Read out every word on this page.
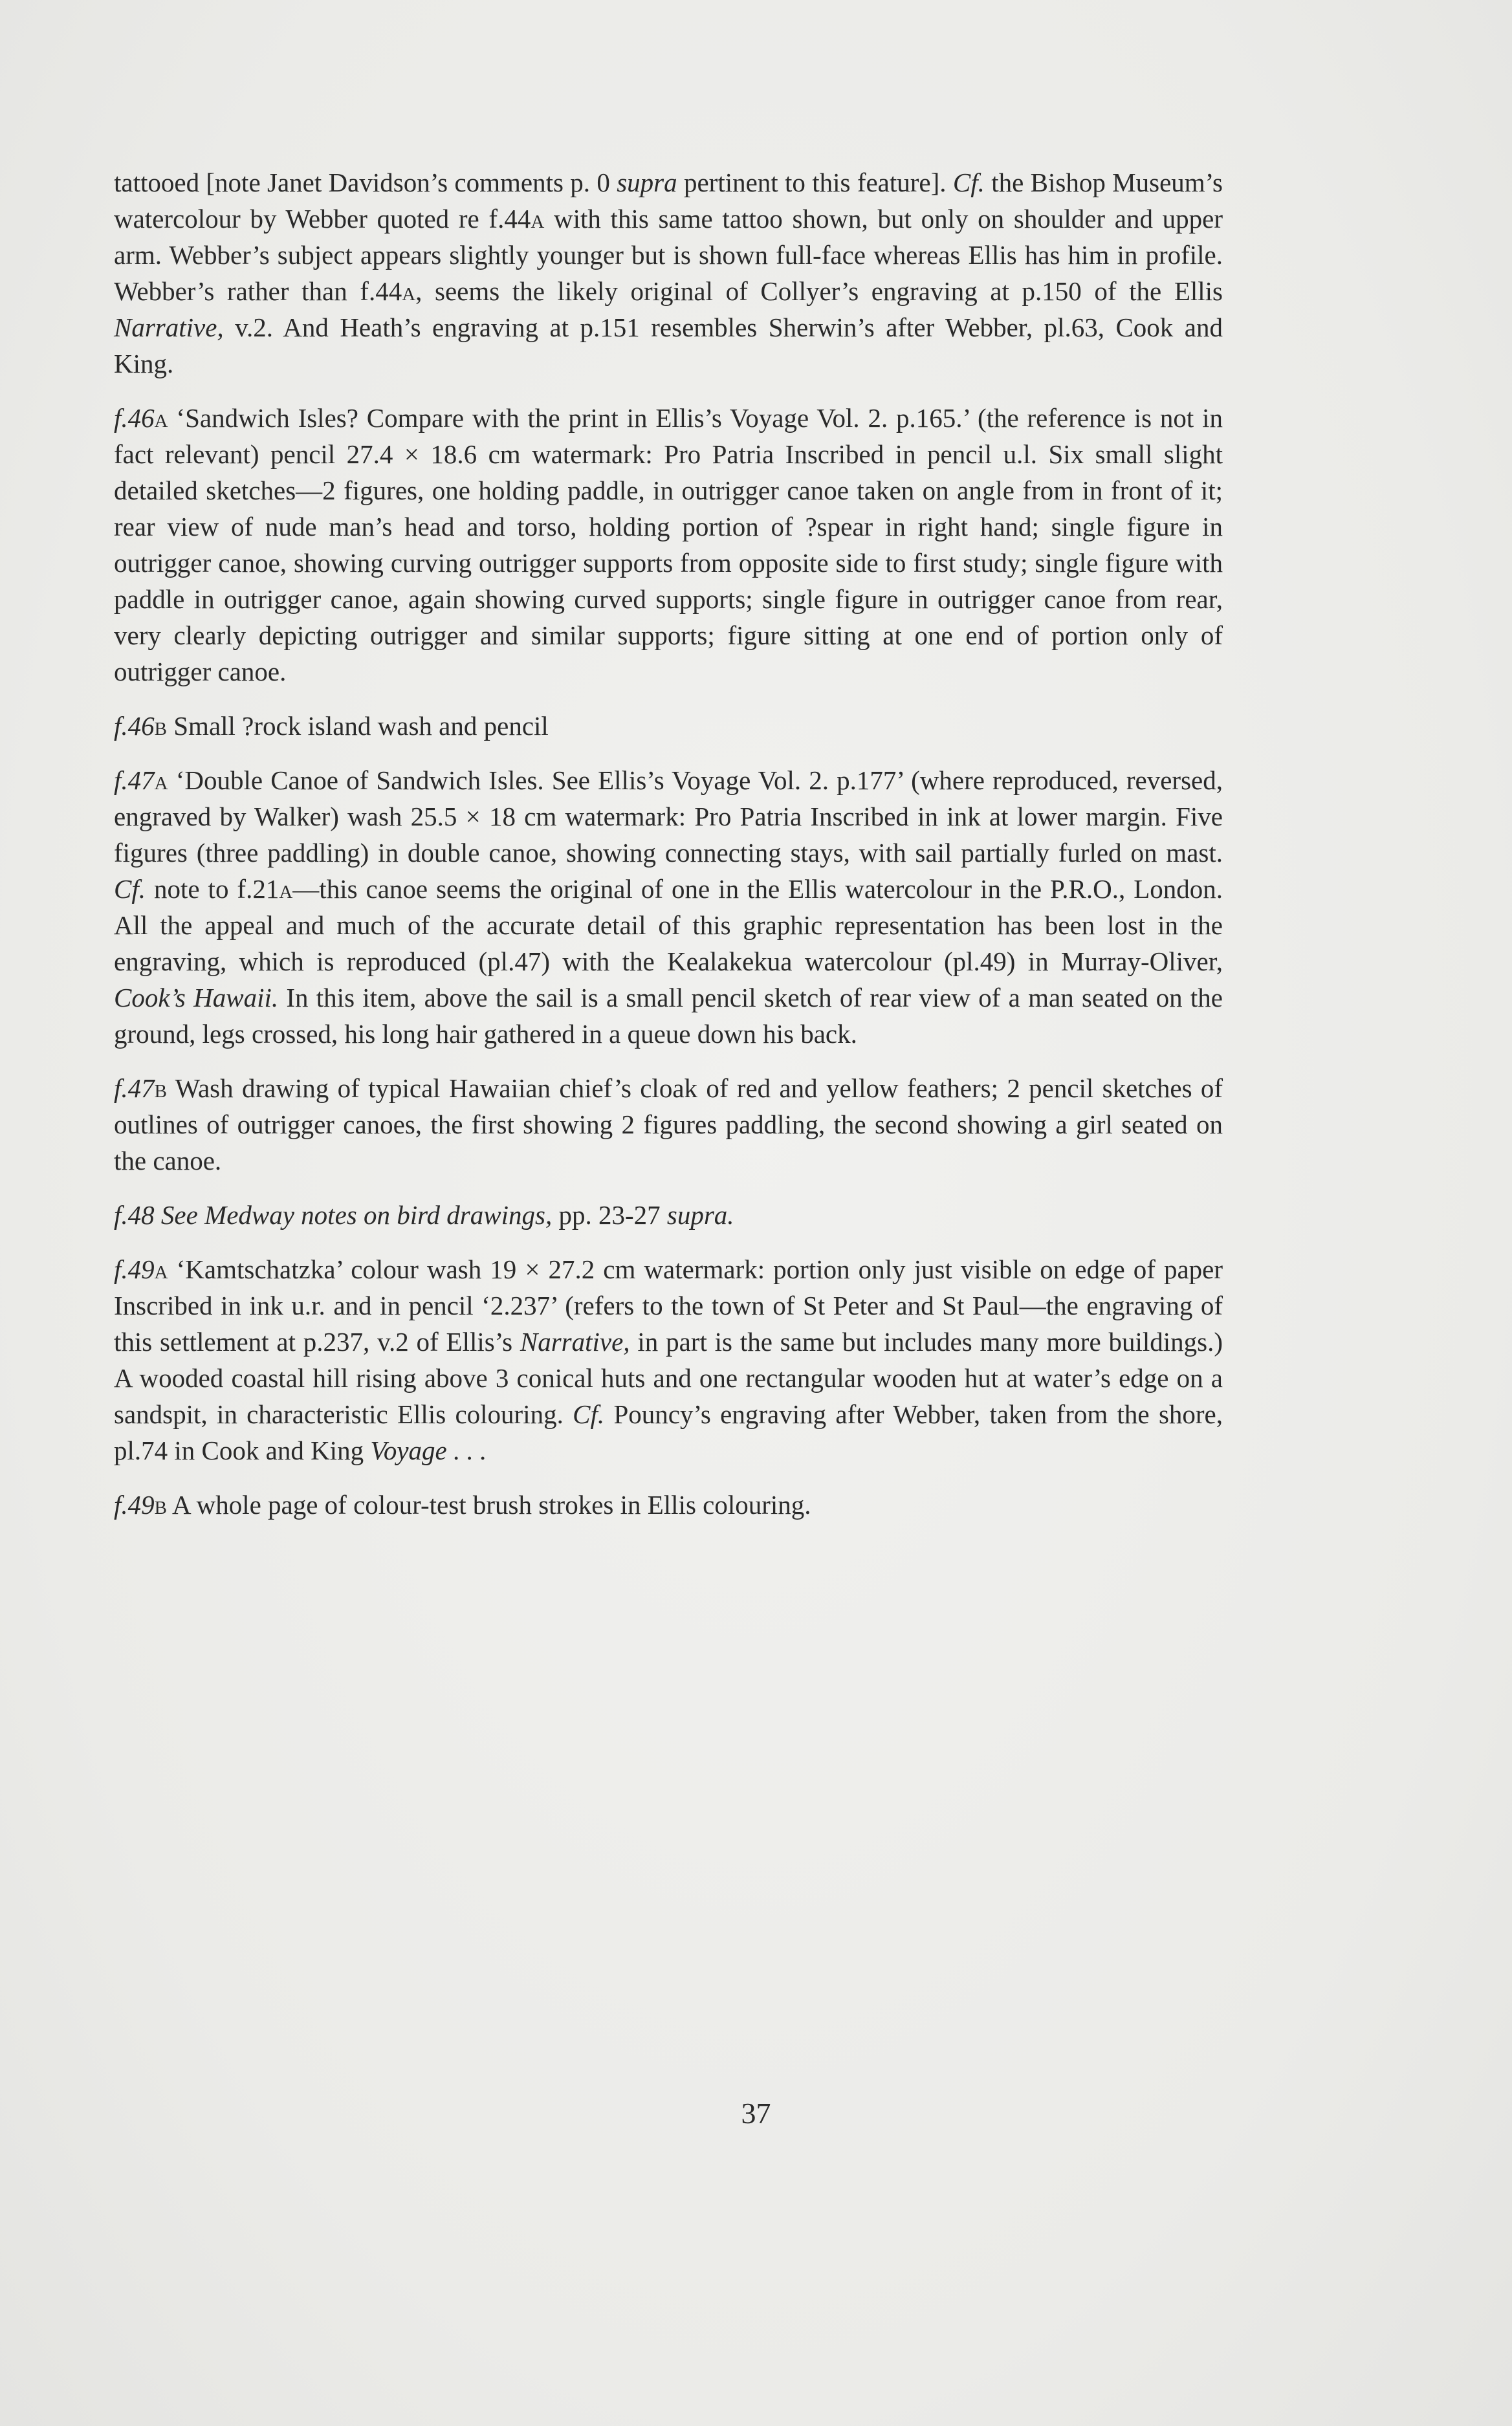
tattooed [note Janet Davidson’s comments p. 0 supra pertinent to this feature]. Cf. the Bishop Museum’s watercolour by Webber quoted re f.44a with this same tattoo shown, but only on shoulder and upper arm. Webber’s subject appears slightly younger but is shown full-face whereas Ellis has him in profile. Webber’s rather than f.44a, seems the likely original of Collyer’s engraving at p.150 of the Ellis Narrative, v.2. And Heath’s engraving at p.151 resembles Sherwin’s after Webber, pl.63, Cook and King.

f.46a ‘Sandwich Isles? Compare with the print in Ellis’s Voyage Vol. 2. p.165.’ (the reference is not in fact relevant) pencil 27.4 × 18.6 cm watermark: Pro Patria Inscribed in pencil u.l. Six small slight detailed sketches—2 figures, one holding paddle, in outrigger canoe taken on angle from in front of it; rear view of nude man’s head and torso, holding portion of ?spear in right hand; single figure in outrigger canoe, showing curving outrigger supports from opposite side to first study; single figure with paddle in outrigger canoe, again showing curved supports; single figure in outrigger canoe from rear, very clearly depicting outrigger and similar supports; figure sitting at one end of portion only of outrigger canoe.

f.46b Small ?rock island wash and pencil

f.47a ‘Double Canoe of Sandwich Isles. See Ellis’s Voyage Vol. 2. p.177’ (where reproduced, reversed, engraved by Walker) wash 25.5 × 18 cm watermark: Pro Patria Inscribed in ink at lower margin. Five figures (three paddling) in double canoe, showing connecting stays, with sail partially furled on mast. Cf. note to f.21a—this canoe seems the original of one in the Ellis watercolour in the P.R.O., London. All the appeal and much of the accurate detail of this graphic representation has been lost in the engraving, which is reproduced (pl.47) with the Kealakekua watercolour (pl.49) in Murray-Oliver, Cook’s Hawaii. In this item, above the sail is a small pencil sketch of rear view of a man seated on the ground, legs crossed, his long hair gathered in a queue down his back.

f.47b Wash drawing of typical Hawaiian chief’s cloak of red and yellow feathers; 2 pencil sketches of outlines of outrigger canoes, the first showing 2 figures paddling, the second showing a girl seated on the canoe.

f.48 See Medway notes on bird drawings, pp. 23-27 supra.

f.49a ‘Kamtschatzka’ colour wash 19 × 27.2 cm watermark: portion only just visible on edge of paper Inscribed in ink u.r. and in pencil ‘2.237’ (refers to the town of St Peter and St Paul—the engraving of this settlement at p.237, v.2 of Ellis’s Narrative, in part is the same but includes many more buildings.) A wooded coastal hill rising above 3 conical huts and one rectangular wooden hut at water’s edge on a sandspit, in characteristic Ellis colouring. Cf. Pouncy’s engraving after Webber, taken from the shore, pl.74 in Cook and King Voyage . . .

f.49b A whole page of colour-test brush strokes in Ellis colouring.

37
